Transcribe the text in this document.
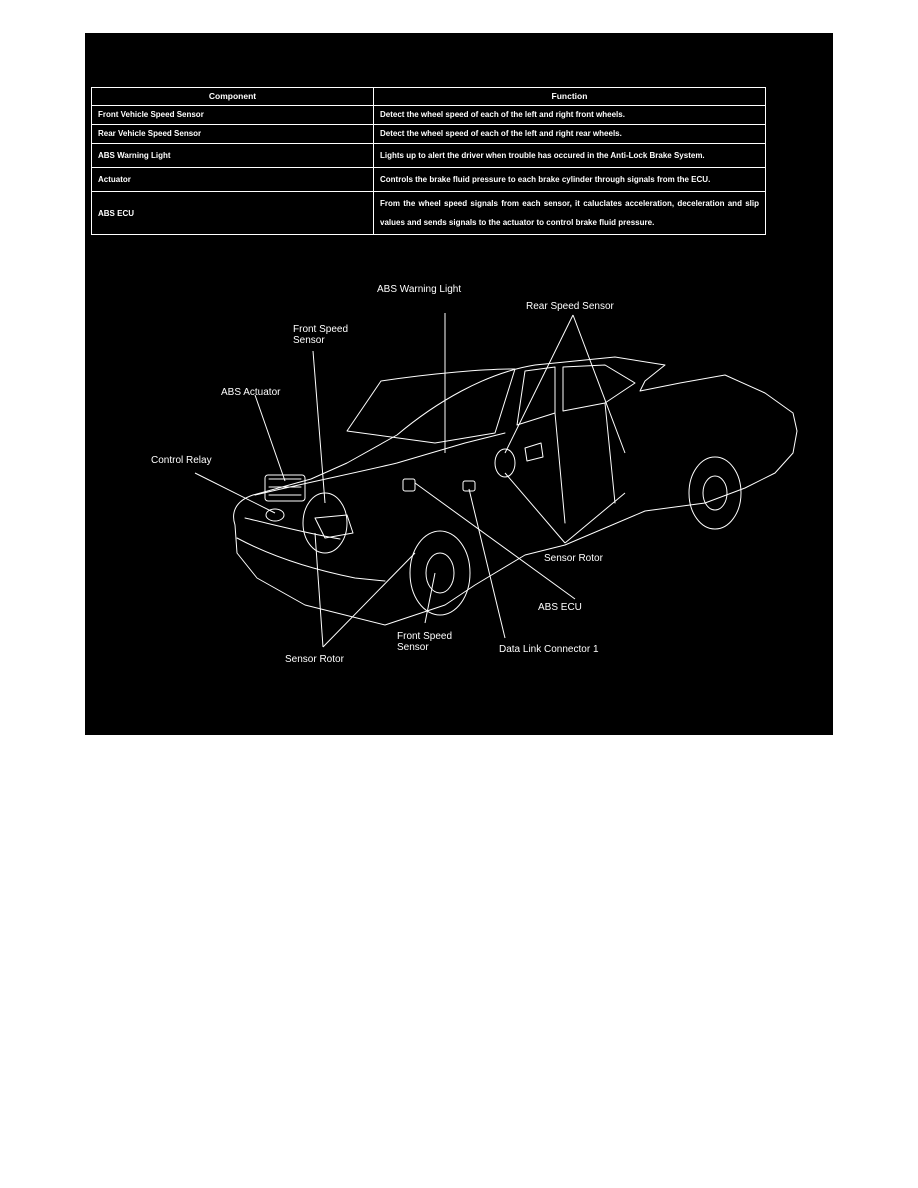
Component	Function
Front Vehicle Speed Sensor	Detect the wheel speed of each of the left and right front wheels.
Rear Vehicle Speed Sensor	Detect the wheel speed of each of the left and right rear wheels.
ABS Warning Light	Lights up to alert the driver when trouble has occured in the Anti-Lock Brake System.
Actuator	Controls the brake fluid pressure to each brake cylinder through signals from the ECU.
ABS ECU	From the wheel speed signals from each sensor, it caluclates acceleration, deceleration and slip values and sends signals to the actuator to control brake fluid pressure.
ABS Warning Light
Rear Speed Sensor
Front Speed Sensor
ABS Actuator
Control Relay
Sensor Rotor
ABS ECU
Front Speed Sensor	Data Link Connector 1
Sensor Rotor
